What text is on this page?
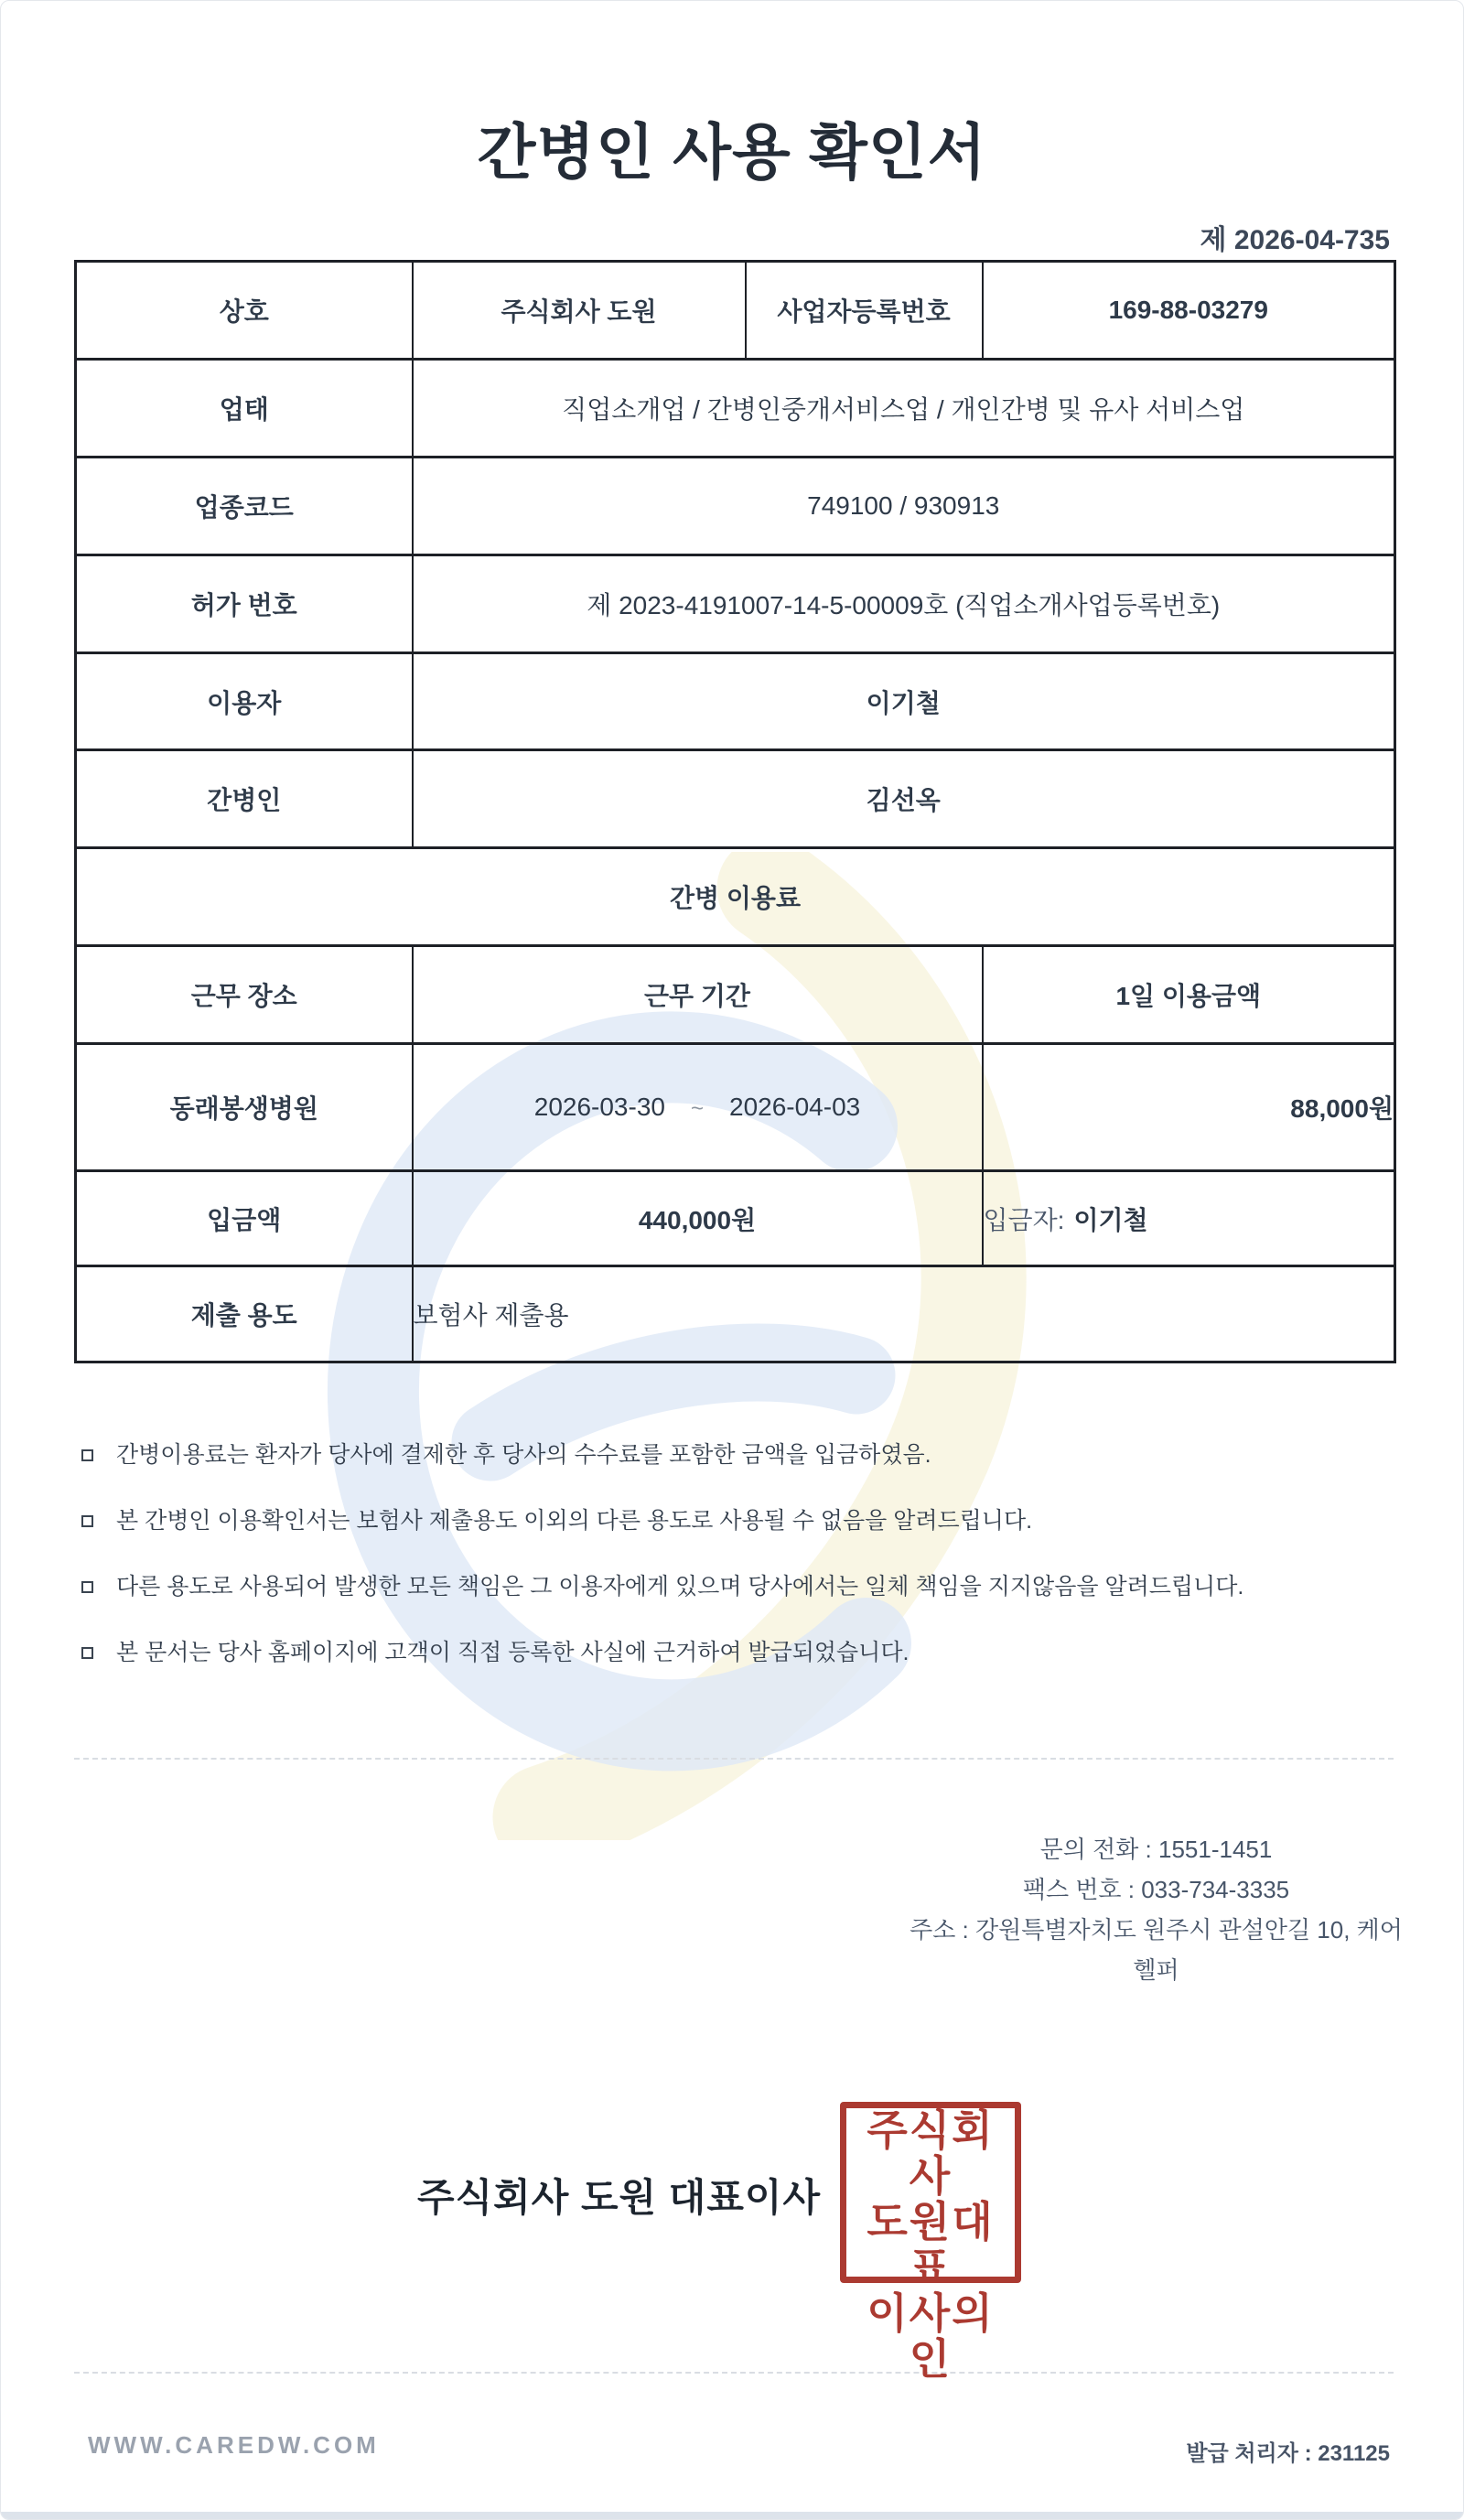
간병인 사용 확인서
제 2026-04-735
상호	주식회사 도원	사업자등록번호	169-88-03279
업태	직업소개업 / 간병인중개서비스업 / 개인간병 및 유사 서비스업		
업종코드	749100 / 930913		
허가 번호	제 2023-4191007-14-5-00009호 (직업소개사업등록번호)		
이용자	이기철		
간병인	김선옥		
간병 이용료			
근무 장소	근무 기간		1일 이용금액
동래봉생병원	2026-03-30 ~ 2026-04-03		88,000원
입금액	440,000원		입금자: 이기철
제출 용도	보험사 제출용		
간병이용료는 환자가 당사에 결제한 후 당사의 수수료를 포함한 금액을 입금하였음.
본 간병인 이용확인서는 보험사 제출용도 이외의 다른 용도로 사용될 수 없음을 알려드립니다.
다른 용도로 사용되어 발생한 모든 책임은 그 이용자에게 있으며 당사에서는 일체 책임을 지지않음을 알려드립니다.
본 문서는 당사 홈페이지에 고객이 직접 등록한 사실에 근거하여 발급되었습니다.
문의 전화 : 1551-1451
팩스 번호 : 033-734-3335
주소 : 강원특별자치도 원주시 관설안길 10, 케어헬퍼
주식회사 도원 대표이사
주식회사
도원대표
이사의인
WWW.CAREDW.COM	발급 처리자 : 231125
